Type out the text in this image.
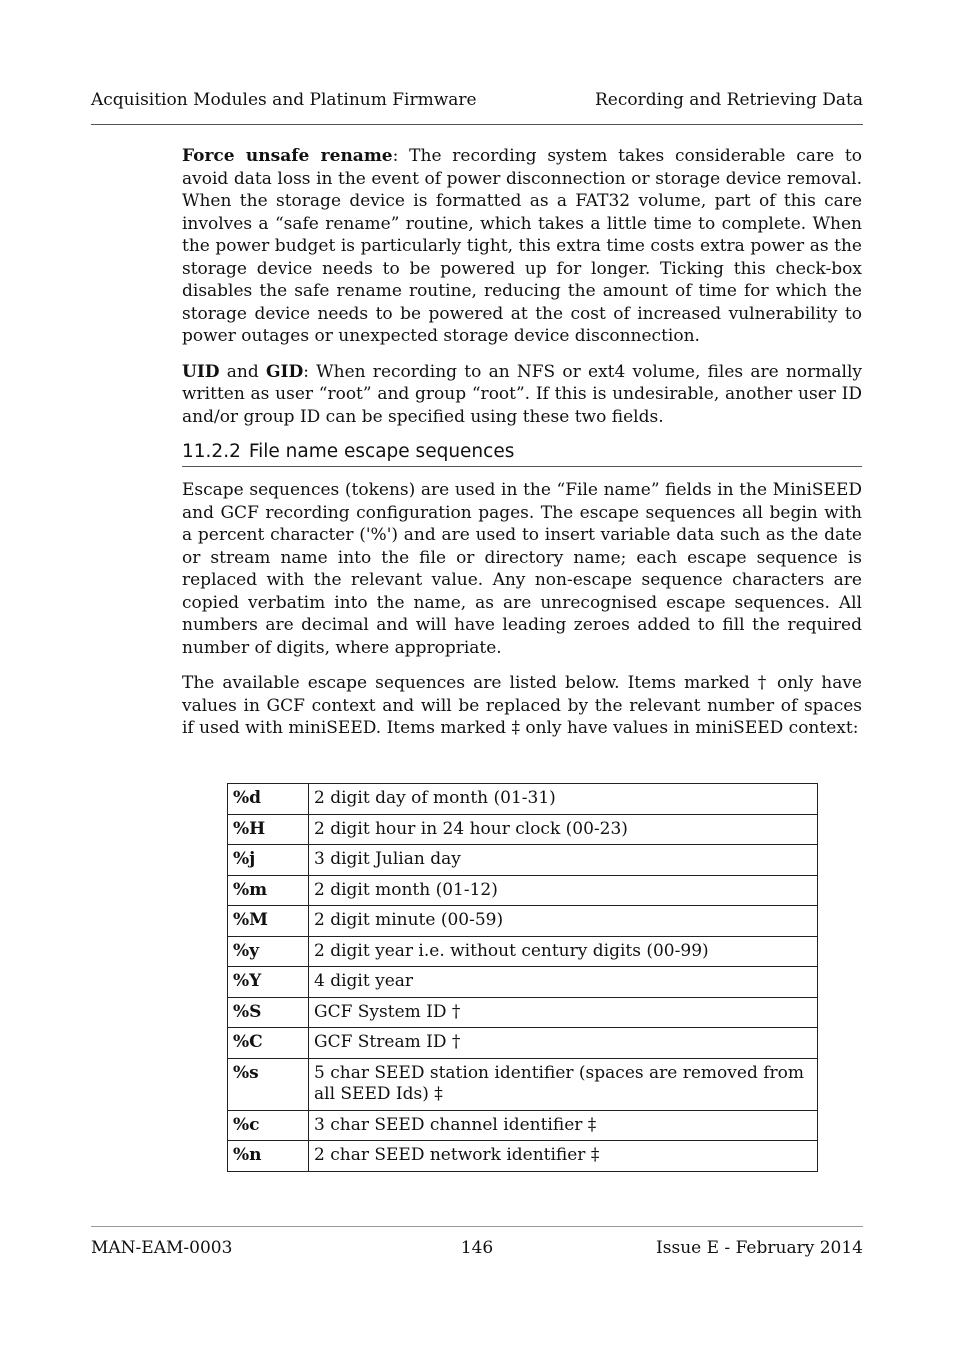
Acquisition Modules and Platinum Firmware	Recording and Retrieving Data

Force unsafe rename: The recording system takes considerable care to avoid data loss in the event of power disconnection or storage device removal. When the storage device is formatted as a FAT32 volume, part of this care involves a “safe rename” routine, which takes a little time to complete. When the power budget is particularly tight, this extra time costs extra power as the storage device needs to be powered up for longer. Ticking this check-box disables the safe rename routine, reducing the amount of time for which the storage device needs to be powered at the cost of increased vulnerability to power outages or unexpected storage device disconnection.

UID and GID: When recording to an NFS or ext4 volume, files are normally written as user “root” and group “root”. If this is undesirable, another user ID and/or group ID can be specified using these two fields.

11.2.2 File name escape sequences

Escape sequences (tokens) are used in the “File name” fields in the MiniSEED and GCF recording configuration pages. The escape sequences all begin with a percent character ('%') and are used to insert variable data such as the date or stream name into the file or directory name; each escape sequence is replaced with the relevant value. Any non-escape sequence characters are copied verbatim into the name, as are unrecognised escape sequences. All numbers are decimal and will have leading zeroes added to fill the required number of digits, where appropriate.

The available escape sequences are listed below. Items marked † only have values in GCF context and will be replaced by the relevant number of spaces if used with miniSEED. Items marked ‡ only have values in miniSEED context:

%d	2 digit day of month (01-31)
%H	2 digit hour in 24 hour clock (00-23)
%j	3 digit Julian day
%m	2 digit month (01-12)
%M	2 digit minute (00-59)
%y	2 digit year i.e. without century digits (00-99)
%Y	4 digit year
%S	GCF System ID †
%C	GCF Stream ID †
%s	5 char SEED station identifier (spaces are removed from all SEED Ids) ‡
%c	3 char SEED channel identifier ‡
%n	2 char SEED network identifier ‡
MAN-EAM-0003	146	Issue E - February 2014
